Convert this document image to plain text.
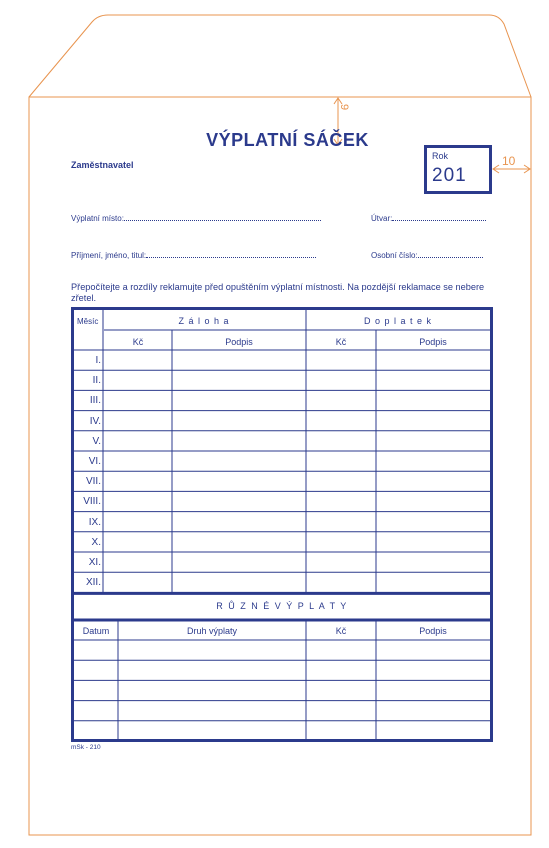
9
10
VÝPLATNÍ SÁČEK
Zaměstnavatel
Rok
201
Výplatní místo:	Útvar:
Příjmení, jméno, titul:	Osobní číslo:
Přepočítejte a rozdíly reklamujte před opuštěním výplatní místnosti. Na pozdější reklamace se nebere zřetel.
Měsíc	Z á l o h a	D o p l a t e k
Kč	Podpis	Kč	Podpis
I.
II.
III.
IV.
V.
VI.
VII.
VIII.
IX.
X.
XI.
XII.
R Ů Z N É V Ý P L A T Y
Datum	Druh výplaty	Kč	Podpis
mSk - 210
